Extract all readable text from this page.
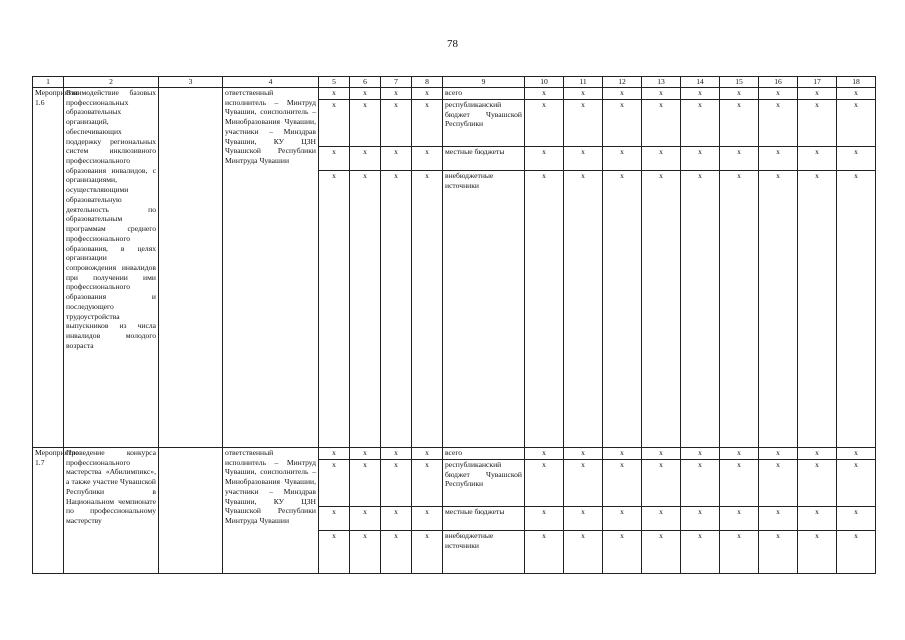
78
1	2	3	4	5	6	7	8	9	10	11	12	13	14	15	16	17	18
Мероприятие 1.6	Взаимодействие базовых профессиональных образовательных организаций, обеспечивающих поддержку региональных систем инклюзивного профессионального образования инвалидов, с организациями, осуществляющими образовательную деятельность по образовательным программам среднего профессионального образования, в целях организации сопровождения инвалидов при получении ими профессионального образования и последующего трудоустройства выпускников из числа инвалидов молодого возраста		ответственный исполнитель – Минтруд Чувашии, соисполнитель – Минобразования Чувашии, участники – Минздрав Чувашии, КУ ЦЗН Чувашской Республики Минтруда Чувашии	x	x	x	x	всего	x	x	x	x	x	x	x	x	x
				x	x	x	x	республиканский бюджет Чувашской Республики	x	x	x	x	x	x	x	x	x
				x	x	x	x	местные бюджеты	x	x	x	x	x	x	x	x	x
				x	x	x	x	внебюджетные источники	x	x	x	x	x	x	x	x	x
Мероприятие 1.7	Проведение конкурса профессионального мастерства «Абилимпикс», а также участие Чувашской Республики в Национальном чемпионате по профессиональному мастерству		ответственный исполнитель – Минтруд Чувашии, соисполнитель – Минобразования Чувашии, участники – Минздрав Чувашии, КУ ЦЗН Чувашской Республики Минтруда Чувашии	x	x	x	x	всего	x	x	x	x	x	x	x	x	x
				x	x	x	x	республиканский бюджет Чувашской Республики	x	x	x	x	x	x	x	x	x
				x	x	x	x	местные бюджеты	x	x	x	x	x	x	x	x	x
				x	x	x	x	внебюджетные источники	x	x	x	x	x	x	x	x	x
